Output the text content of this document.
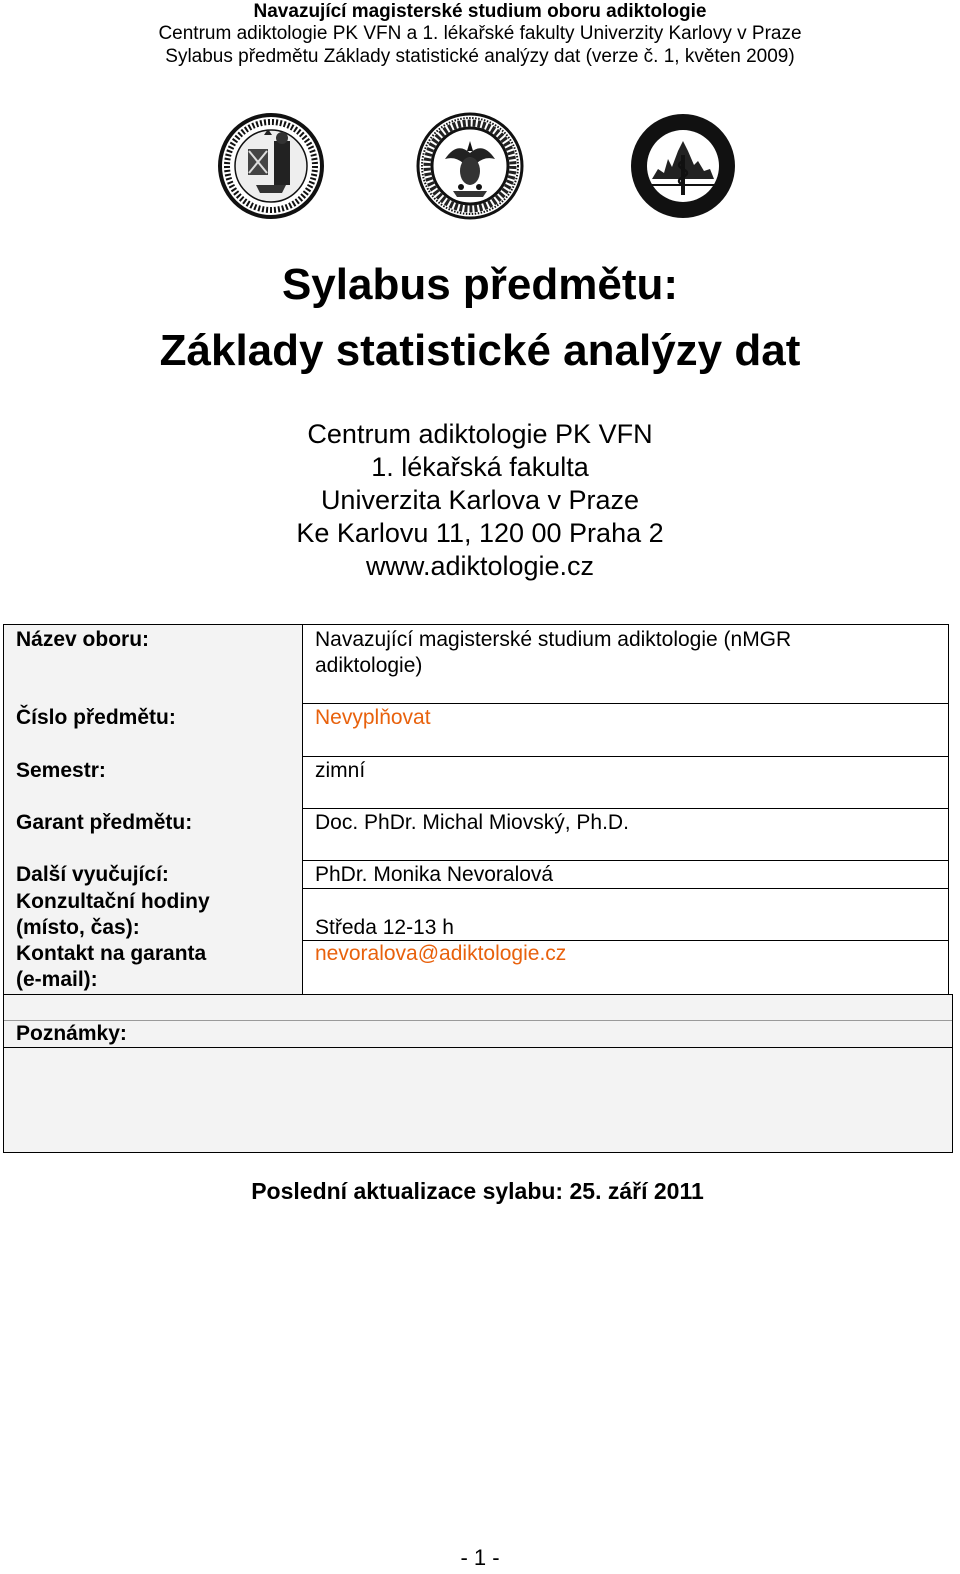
Navazující magisterské studium oboru adiktologie
Centrum adiktologie PK VFN a 1. lékařské fakulty Univerzity Karlovy v Praze
Sylabus předmětu Základy statistické analýzy dat (verze č. 1, květen 2009)
Sylabus předmětu:
Základy statistické analýzy dat
Centrum adiktologie PK VFN
1. lékařská fakulta
Univerzita Karlova v Praze
Ke Karlovu 11, 120 00 Praha 2
www.adiktologie.cz
Název oboru:	Navazující magisterské studium adiktologie (nMGR
adiktologie)
Číslo předmětu:	Nevyplňovat
Semestr:	zimní
Garant předmětu:	Doc. PhDr. Michal Miovský, Ph.D.
Další vyučující:	PhDr. Monika Nevoralová
Konzultační hodiny
(místo, čas):	Středa 12-13 h
Kontakt na garanta
(e-mail):
nevoralova@adiktologie.cz
Poznámky:
Poslední aktualizace sylabu: 25. září 2011
- 1 -
